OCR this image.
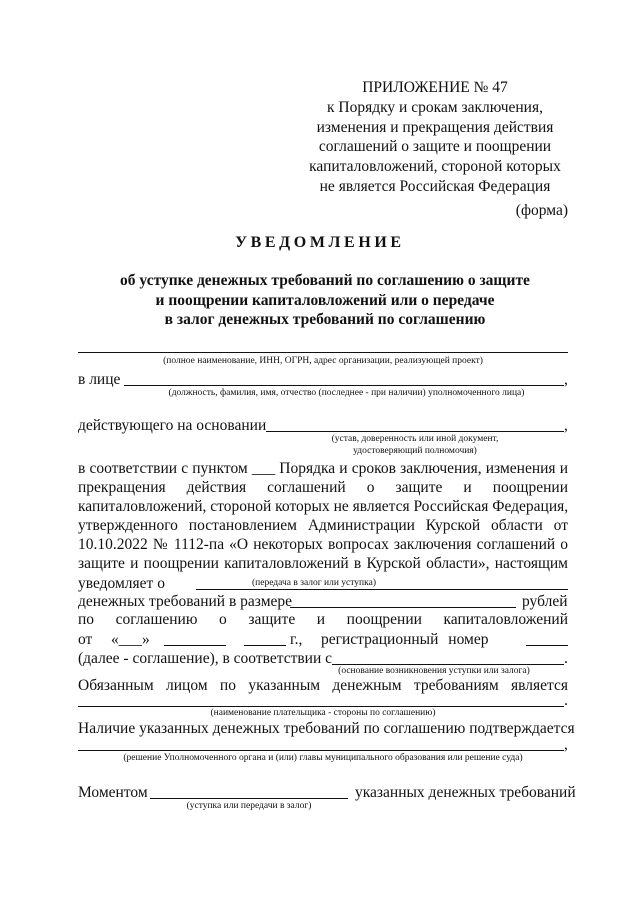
ПРИЛОЖЕНИЕ № 47
к Порядку и срокам заключения,
изменения и прекращения действия
соглашений о защите и поощрении
капиталовложений, стороной которых
не является Российская Федерация
(форма)
УВЕДОМЛЕНИЕ
об уступке денежных требований по соглашению о защите
и поощрении капиталовложений или о передаче
в залог денежных требований по соглашению
(полное наименование, ИНН, ОГРН, адрес организации, реализующей проект)
в лице	,
(должность, фамилия, имя, отчество (последнее - при наличии) уполномоченного лица)
действующего на основании	,
(устав, доверенность или иной документ,
удостоверяющий полномочия)
в соответствии с пунктом ___ Порядка и сроков заключения, изменения и
прекращения действия соглашений о защите и поощрении
капиталовложений, стороной которых не является Российская Федерация,
утвержденного постановлением Администрации Курской области от
10.10.2022 № 1112-па «О некоторых вопросах заключения соглашений о
защите и поощрении капиталовложений в Курской области», настоящим
уведомляет о	(передача в залог или уступка)
денежных требований в размере	рублей
по соглашению о защите и поощрении капиталовложений
от «___»	г., регистрационный номер
(далее - соглашение), в соответствии с	.
(основание возникновения уступки или залога)
Обязанным лицом по указанным денежным требованиям является
.
(наименование плательщика - стороны по соглашению)
Наличие указанных денежных требований по соглашению подтверждается
,
(решение Уполномоченного органа и (или) главы муниципального образования или решение суда)
Моментом	указанных денежных требований
(уступка или передачи в залог)
